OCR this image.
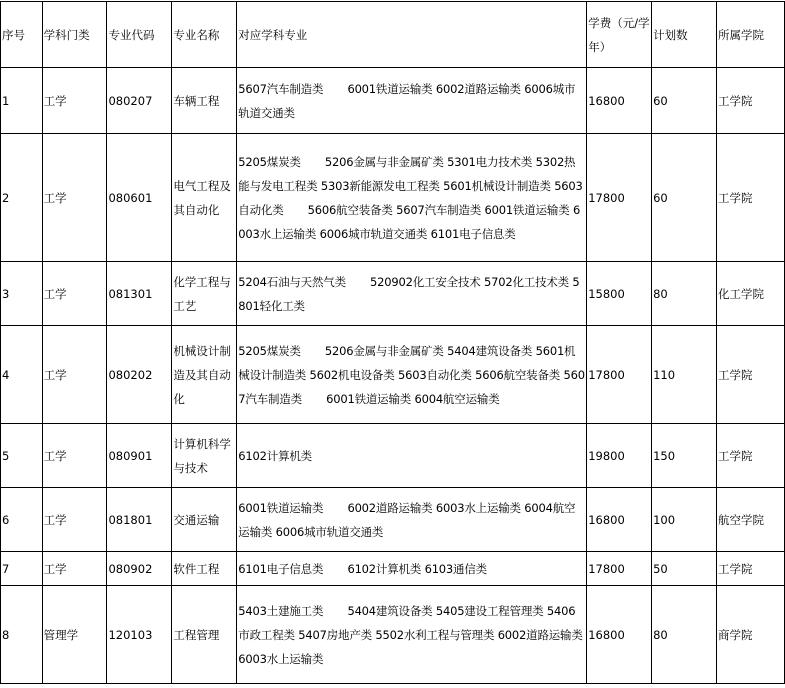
序号	学科门类	专业代码	专业名称	对应学科专业	学费（元/学年）	计划数	所属学院
1	工学	080207	车辆工程	5607汽车制造类       6001铁道运输类 6002道路运输类 6006城市轨道交通类	16800	60	工学院
2	工学	080601	电气工程及其自动化	5205煤炭类       5206金属与非金属矿类 5301电力技术类 5302热能与发电工程类 5303新能源发电工程类 5601机械设计制造类 5603自动化类       5606航空装备类 5607汽车制造类 6001铁道运输类 6003水上运输类 6006城市轨道交通类 6101电子信息类	17800	60	工学院
3	工学	081301	化学工程与工艺	5204石油与天然气类       520902化工安全技术 5702化工技术类 5801轻化工类	15800	80	化工学院
4	工学	080202	机械设计制造及其自动化	5205煤炭类       5206金属与非金属矿类 5404建筑设备类 5601机械设计制造类 5602机电设备类 5603自动化类 5606航空装备类 5607汽车制造类       6001铁道运输类 6004航空运输类	17800	110	工学院
5	工学	080901	计算机科学与技术	6102计算机类	19800	150	工学院
6	工学	081801	交通运输	6001铁道运输类       6002道路运输类 6003水上运输类 6004航空运输类 6006城市轨道交通类	16800	100	航空学院
7	工学	080902	软件工程	6101电子信息类       6102计算机类 6103通信类	17800	50	工学院
8	管理学	120103	工程管理	5403土建施工类       5404建筑设备类 5405建设工程管理类 5406市政工程类 5407房地产类 5502水利工程与管理类 6002道路运输类 6003水上运输类	16800	80	商学院
